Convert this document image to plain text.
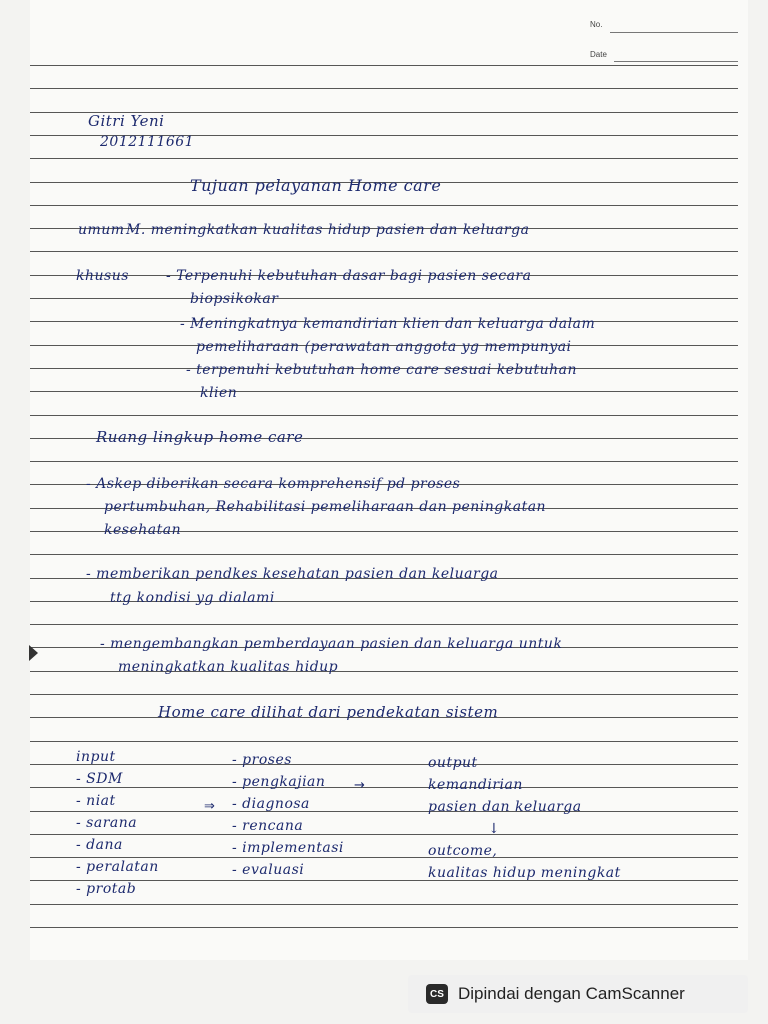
No.
Date
Gitri Yeni
2012111661
Tujuan pelayanan Home care
umum M. meningkatkan kualitas hidup pasien dan keluarga
khusus	- Terpenuhi kebutuhan dasar bagi pasien secara
biopsikokar
- Meningkatnya kemandirian klien dan keluarga dalam
pemeliharaan (perawatan anggota yg mempunyai
- terpenuhi kebutuhan home care sesuai kebutuhan
klien
Ruang lingkup home care
- Askep diberikan secara komprehensif pd proses
pertumbuhan, Rehabilitasi pemeliharaan dan peningkatan
kesehatan
- memberikan pendkes kesehatan pasien dan keluarga
ttg kondisi yg dialami
- mengembangkan pemberdayaan pasien dan keluarga untuk
meningkatkan kualitas hidup
Home care dilihat dari pendekatan sistem
input
- SDM
- niat
- sarana
- dana
- peralatan
- protab
- proses
- pengkajian
- diagnosa
- rencana
- implementasi
- evaluasi
→
⇒
output
kemandirian
pasien dan keluarga
↓
outcome,
kualitas hidup meningkat
CS Dipindai dengan CamScanner
